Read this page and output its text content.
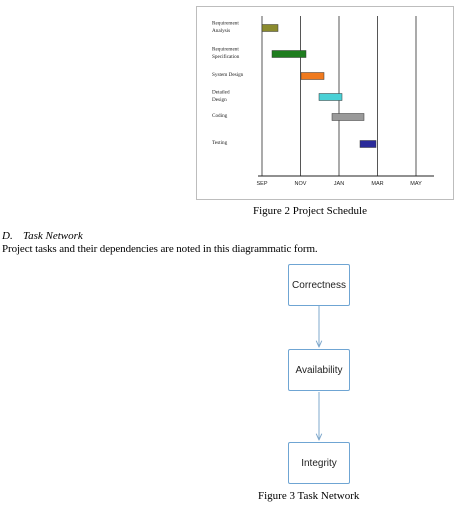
SEP	NOV	JAN	MAR	MAY
Requirement Analysis
Requirement Specification
System Design
Detailed Design
Coding
Testing
Figure 2 Project Schedule
D. Task Network
Project tasks and their dependencies are noted in this diagrammatic form.
Correctness
Availability
Integrity
Figure 3 Task Network
